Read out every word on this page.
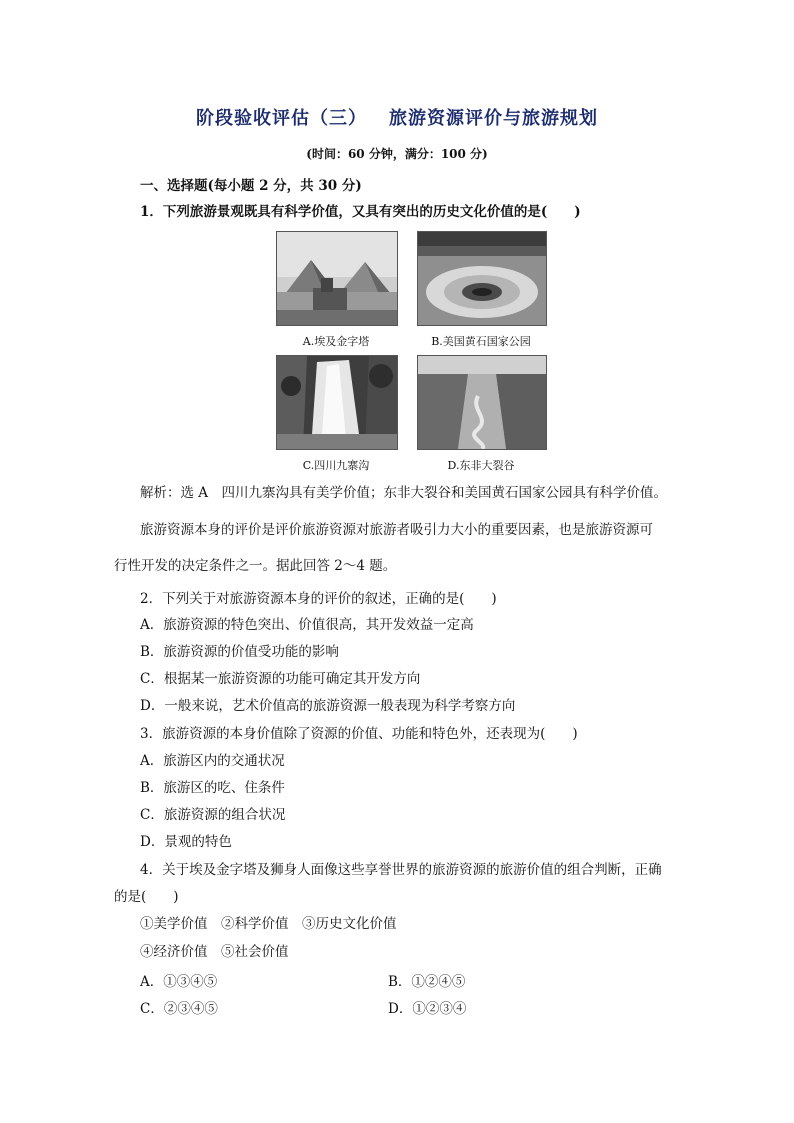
阶段验收评估（三） 旅游资源评价与旅游规划
(时间：60 分钟，满分：100 分)
一、选择题(每小题 2 分，共 30 分)
1．下列旅游景观既具有科学价值，又具有突出的历史文化价值的是(　　)
A.埃及金字塔	B.美国黄石国家公园
C.四川九寨沟	D.东非大裂谷
解析：选 A　四川九寨沟具有美学价值；东非大裂谷和美国黄石国家公园具有科学价值。
旅游资源本身的评价是评价旅游资源对旅游者吸引力大小的重要因素，也是旅游资源可
行性开发的决定条件之一。据此回答 2～4 题。
2．下列关于对旅游资源本身的评价的叙述，正确的是(　　)
A．旅游资源的特色突出、价值很高，其开发效益一定高
B．旅游资源的价值受功能的影响
C．根据某一旅游资源的功能可确定其开发方向
D．一般来说，艺术价值高的旅游资源一般表现为科学考察方向
3．旅游资源的本身价值除了资源的价值、功能和特色外，还表现为(　　)
A．旅游区内的交通状况
B．旅游区的吃、住条件
C．旅游资源的组合状况
D．景观的特色
4．关于埃及金字塔及狮身人面像这些享誉世界的旅游资源的旅游价值的组合判断，正确
的是(　　)
①美学价值　②科学价值　③历史文化价值
④经济价值　⑤社会价值
A．①③④⑤	B．①②④⑤
C．②③④⑤	D．①②③④
